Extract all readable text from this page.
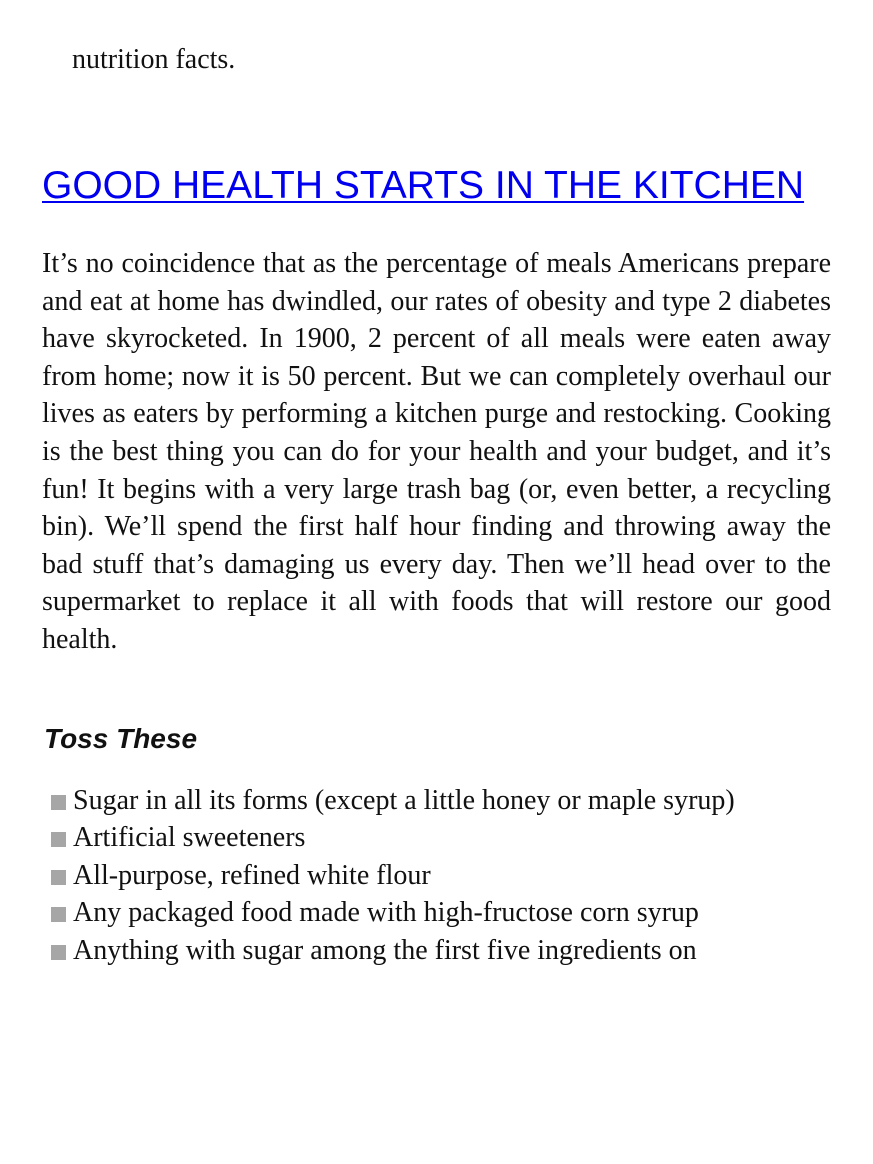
nutrition facts.

GOOD HEALTH STARTS IN THE KITCHEN

It’s no coincidence that as the percentage of meals Americans prepare and eat at home has dwindled, our rates of obesity and type 2 diabetes have skyrocketed. In 1900, 2 percent of all meals were eaten away from home; now it is 50 percent. But we can completely overhaul our lives as eaters by performing a kitchen purge and restocking. Cooking is the best thing you can do for your health and your budget, and it’s fun! It begins with a very large trash bag (or, even better, a recycling bin). We’ll spend the first half hour finding and throwing away the bad stuff that’s damaging us every day. Then we’ll head over to the supermarket to replace it all with foods that will restore our good health.

Toss These
Sugar in all its forms (except a little honey or maple syrup)
Artificial sweeteners
All-purpose, refined white flour
Any packaged food made with high-fructose corn syrup
Anything with sugar among the first five ingredients on
